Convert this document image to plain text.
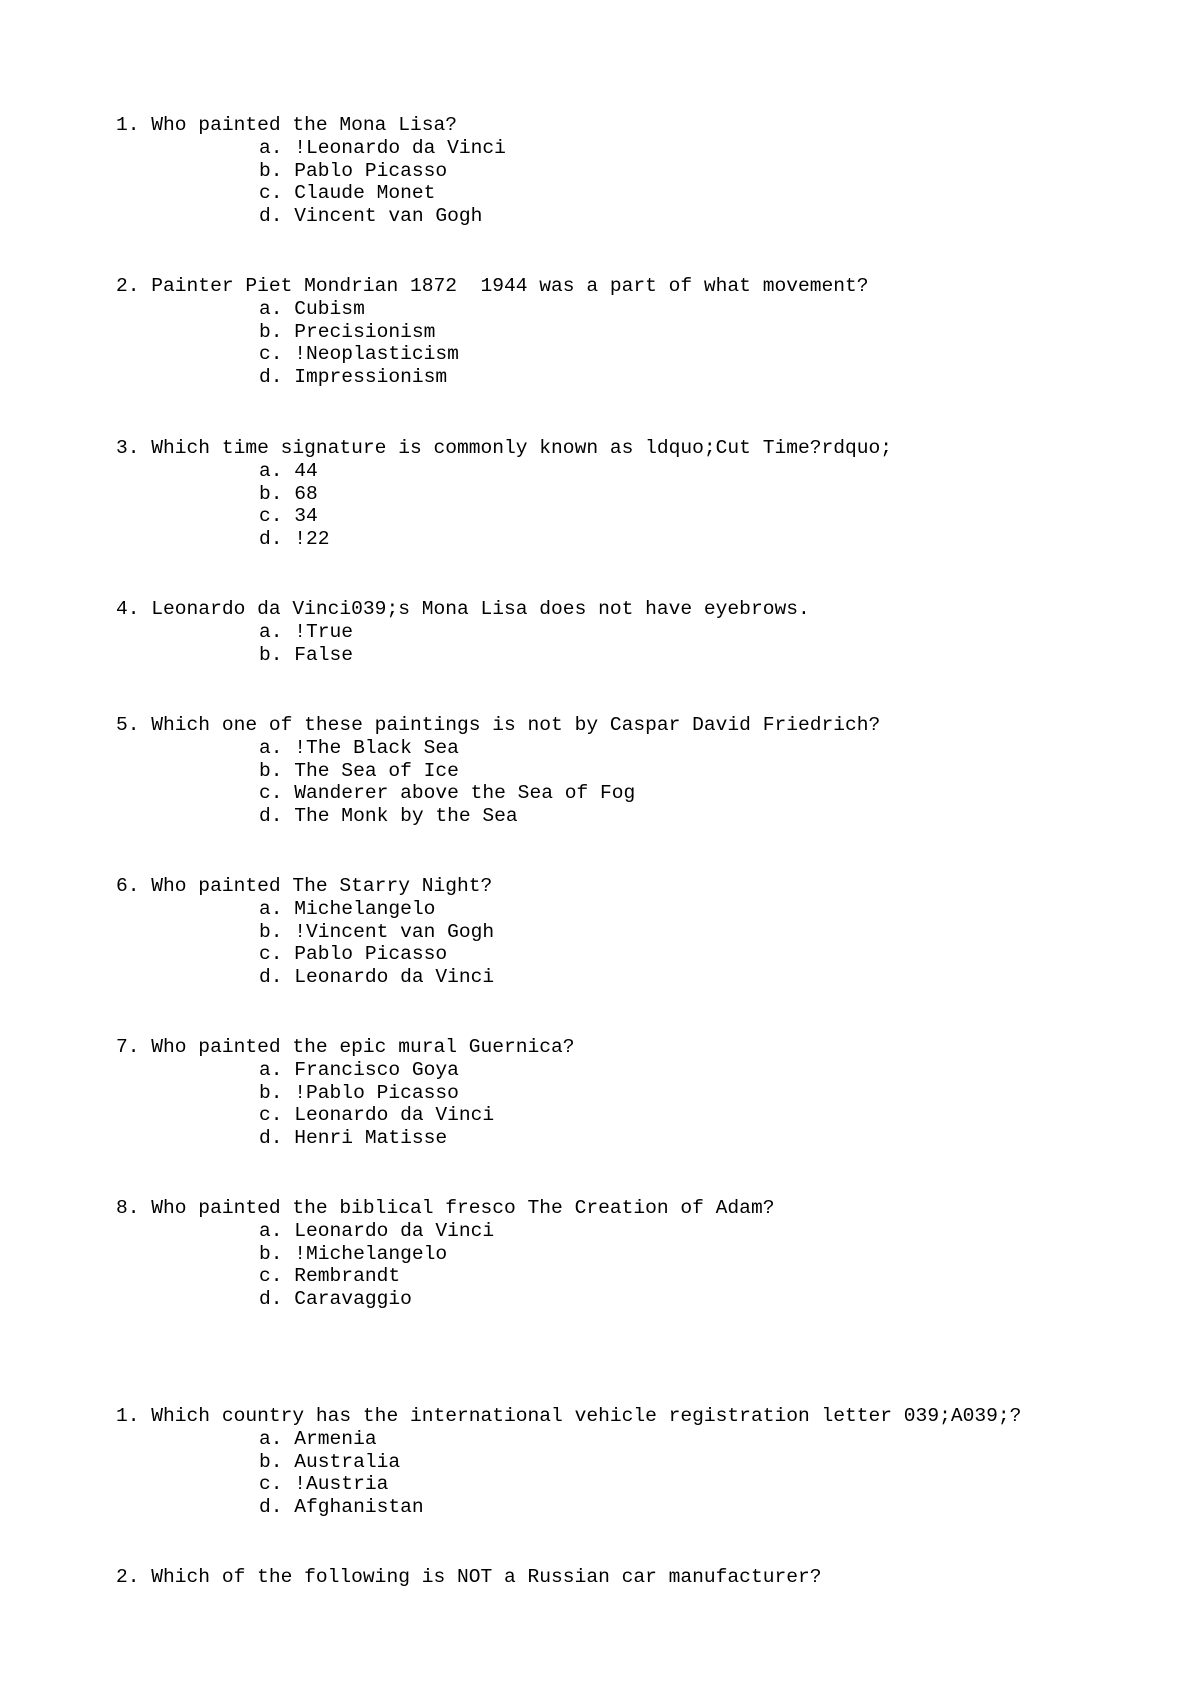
1. Who painted the Mona Lisa?
a. !Leonardo da Vinci
b. Pablo Picasso
c. Claude Monet
d. Vincent van Gogh
2. Painter Piet Mondrian 1872  1944 was a part of what movement?
a. Cubism
b. Precisionism
c. !Neoplasticism
d. Impressionism
3. Which time signature is commonly known as ldquo;Cut Time?rdquo;
a. 44
b. 68
c. 34
d. !22
4. Leonardo da Vinci039;s Mona Lisa does not have eyebrows.
a. !True
b. False
5. Which one of these paintings is not by Caspar David Friedrich?
a. !The Black Sea
b. The Sea of Ice
c. Wanderer above the Sea of Fog
d. The Monk by the Sea
6. Who painted The Starry Night?
a. Michelangelo
b. !Vincent van Gogh
c. Pablo Picasso
d. Leonardo da Vinci
7. Who painted the epic mural Guernica?
a. Francisco Goya
b. !Pablo Picasso
c. Leonardo da Vinci
d. Henri Matisse
8. Who painted the biblical fresco The Creation of Adam?
a. Leonardo da Vinci
b. !Michelangelo
c. Rembrandt
d. Caravaggio
1. Which country has the international vehicle registration letter 039;A039;?
a. Armenia
b. Australia
c. !Austria
d. Afghanistan
2. Which of the following is NOT a Russian car manufacturer?
